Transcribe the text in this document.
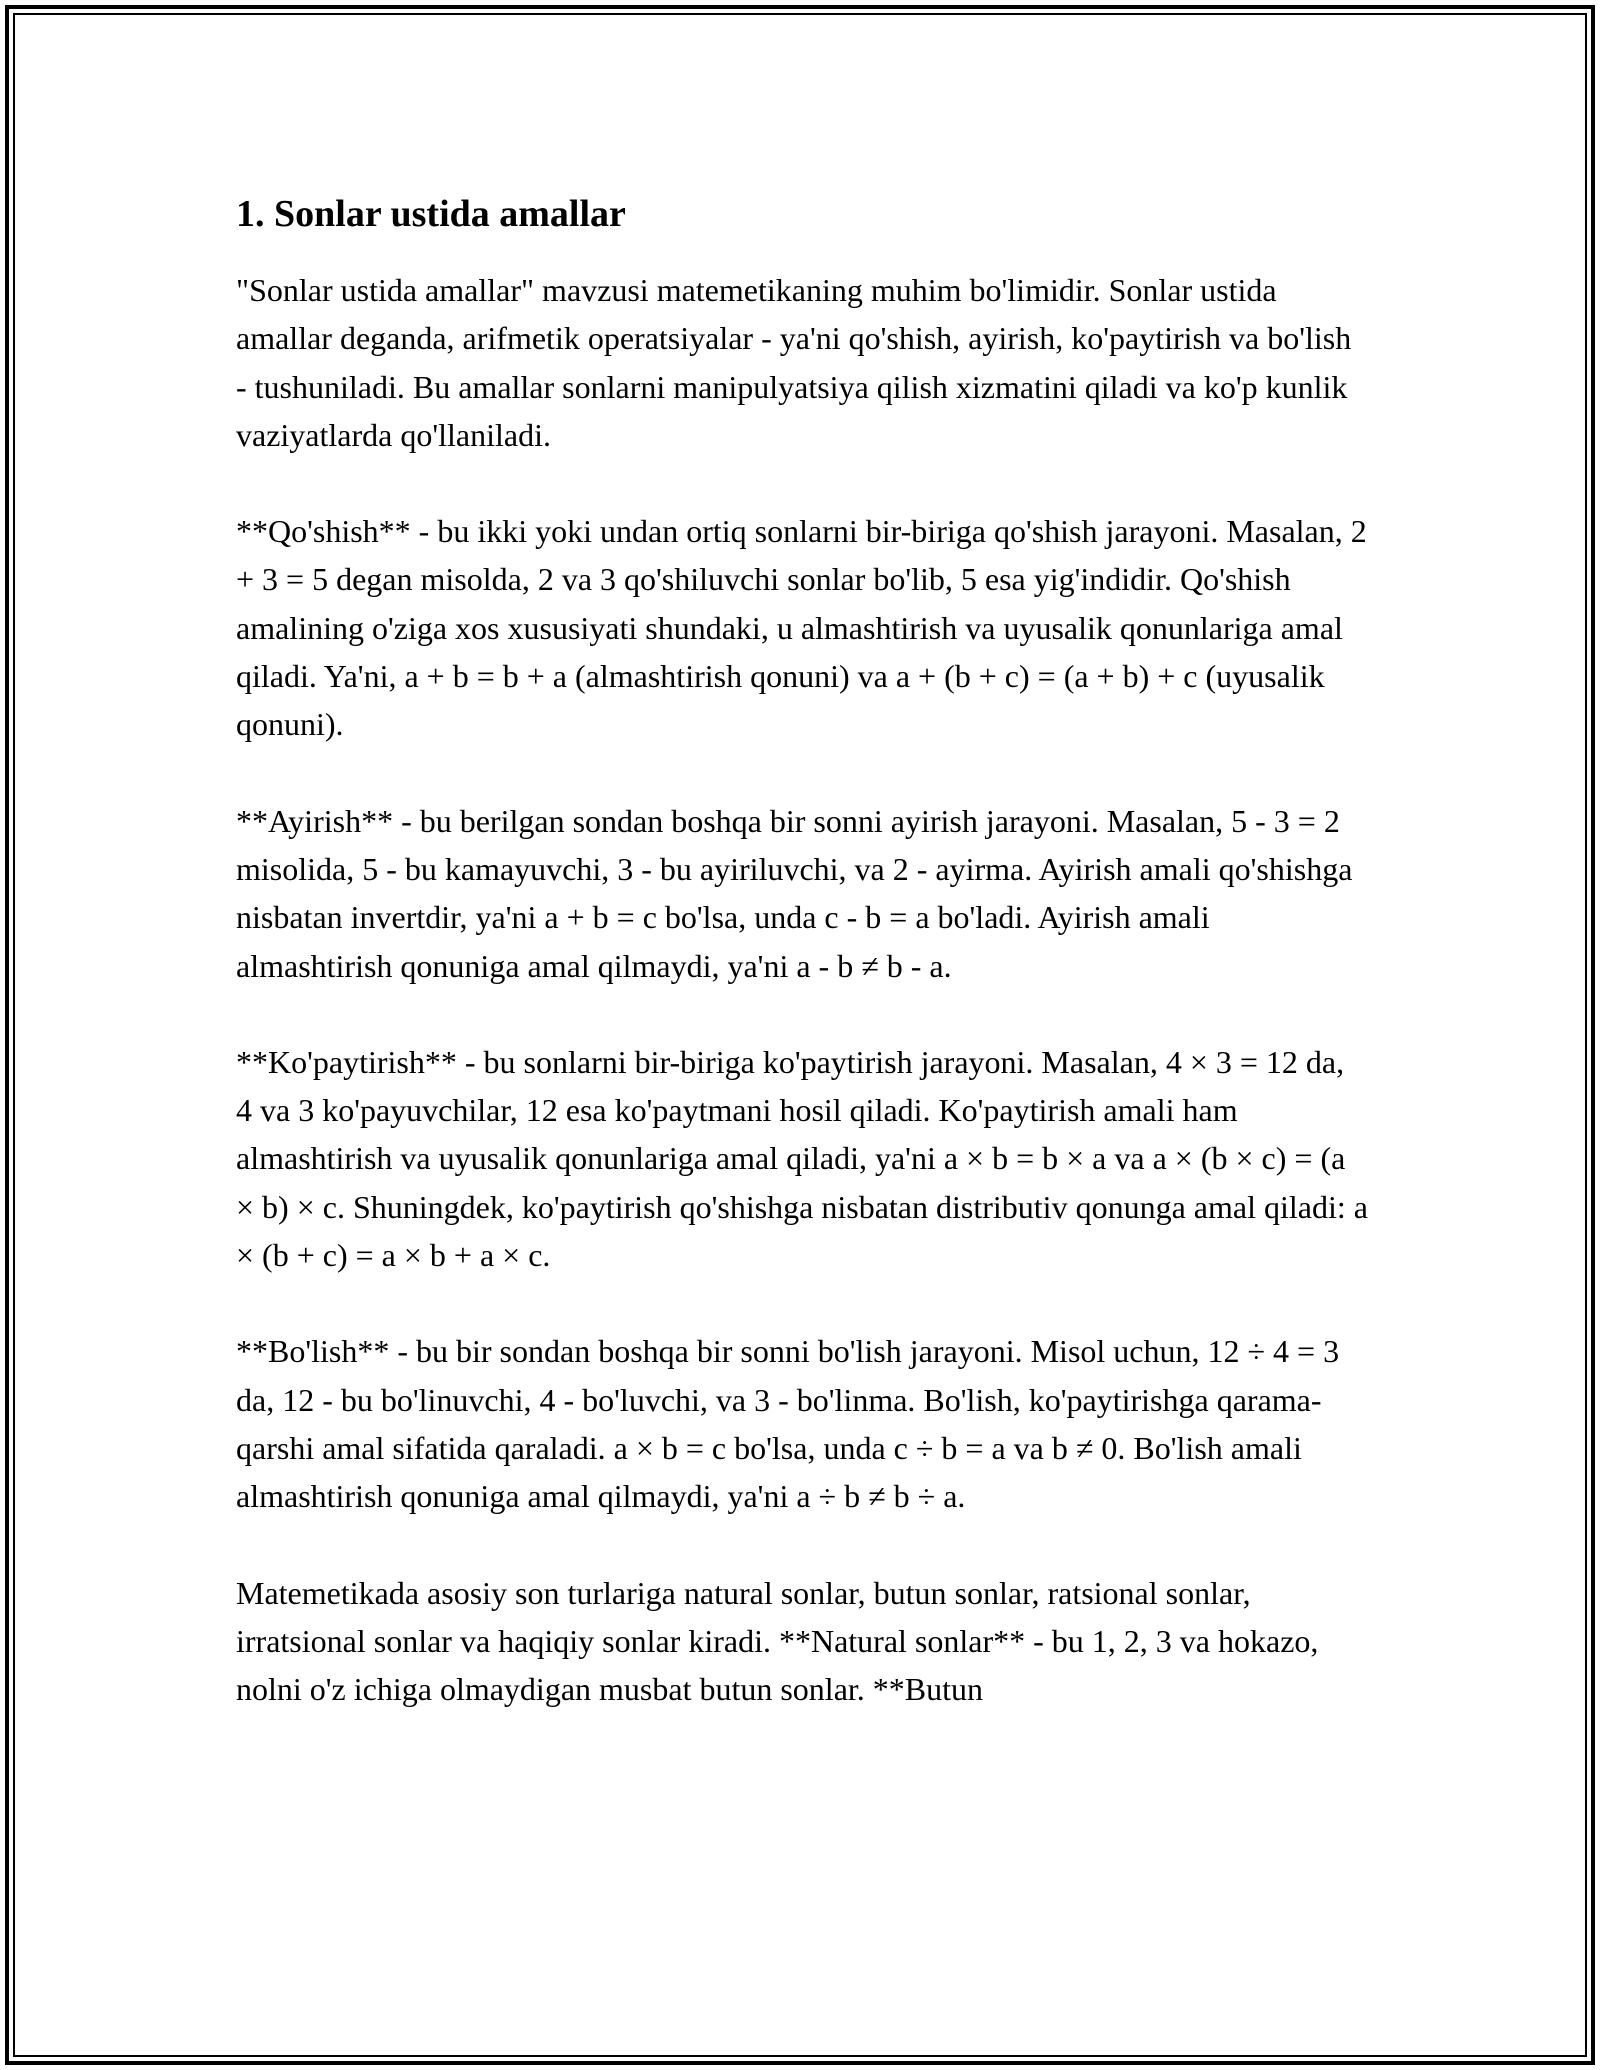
1. Sonlar ustida amallar

"Sonlar ustida amallar" mavzusi matemetikaning muhim bo'limidir. Sonlar ustida amallar deganda, arifmetik operatsiyalar - ya'ni qo'shish, ayirish, ko'paytirish va bo'lish - tushuniladi. Bu amallar sonlarni manipulyatsiya qilish xizmatini qiladi va ko'p kunlik vaziyatlarda qo'llaniladi.

**Qo'shish** - bu ikki yoki undan ortiq sonlarni bir-biriga qo'shish jarayoni. Masalan, 2 + 3 = 5 degan misolda, 2 va 3 qo'shiluvchi sonlar bo'lib, 5 esa yig'indidir. Qo'shish amalining o'ziga xos xususiyati shundaki, u almashtirish va uyusalik qonunlariga amal qiladi. Ya'ni, a + b = b + a (almashtirish qonuni) va a + (b + c) = (a + b) + c (uyusalik qonuni).

**Ayirish** - bu berilgan sondan boshqa bir sonni ayirish jarayoni. Masalan, 5 - 3 = 2 misolida, 5 - bu kamayuvchi, 3 - bu ayiriluvchi, va 2 - ayirma. Ayirish amali qo'shishga nisbatan invertdir, ya'ni a + b = c bo'lsa, unda c - b = a bo'ladi. Ayirish amali almashtirish qonuniga amal qilmaydi, ya'ni a - b ≠ b - a.

**Ko'paytirish** - bu sonlarni bir-biriga ko'paytirish jarayoni. Masalan, 4 × 3 = 12 da, 4 va 3 ko'payuvchilar, 12 esa ko'paytmani hosil qiladi. Ko'paytirish amali ham almashtirish va uyusalik qonunlariga amal qiladi, ya'ni a × b = b × a va a × (b × c) = (a × b) × c. Shuningdek, ko'paytirish qo'shishga nisbatan distributiv qonunga amal qiladi: a × (b + c) = a × b + a × c.

**Bo'lish** - bu bir sondan boshqa bir sonni bo'lish jarayoni. Misol uchun, 12 ÷ 4 = 3 da, 12 - bu bo'linuvchi, 4 - bo'luvchi, va 3 - bo'linma. Bo'lish, ko'paytirishga qarama-qarshi amal sifatida qaraladi. a × b = c bo'lsa, unda c ÷ b = a va b ≠ 0. Bo'lish amali almashtirish qonuniga amal qilmaydi, ya'ni a ÷ b ≠ b ÷ a.

Matemetikada asosiy son turlariga natural sonlar, butun sonlar, ratsional sonlar, irratsional sonlar va haqiqiy sonlar kiradi. **Natural sonlar** - bu 1, 2, 3 va hokazo, nolni o'z ichiga olmaydigan musbat butun sonlar. **Butun
